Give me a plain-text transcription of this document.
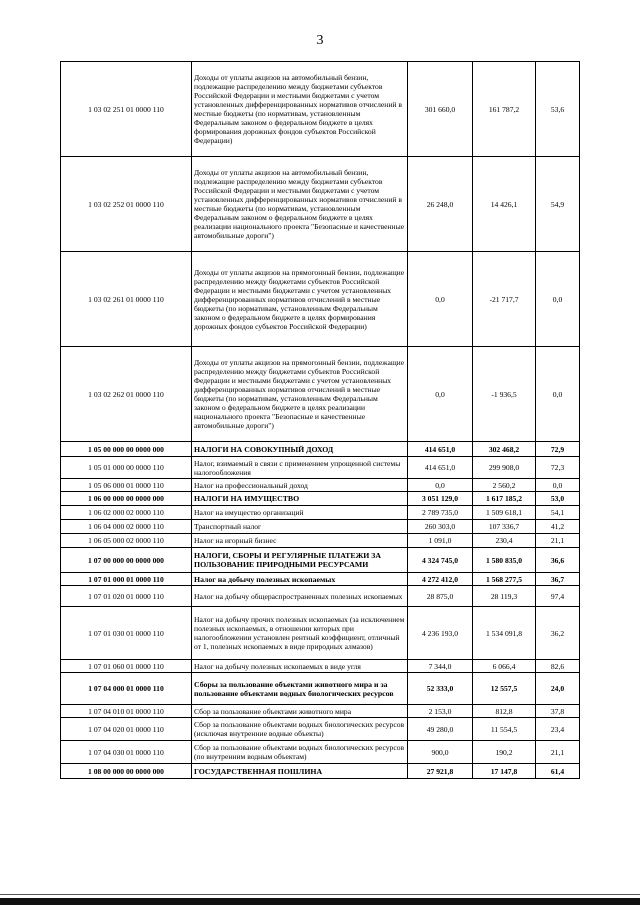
3
1 03 02 251 01 0000 110	Доходы от уплаты акцизов на автомобильный бензин, подлежащие распределению между бюджетами субъектов Российской Федерации и местными бюджетами с учетом установленных дифференцированных нормативов отчислений в местные бюджеты (по нормативам, установленным Федеральным законом о федеральном бюджете в целях формирования дорожных фондов субъектов Российской Федерации)	301 660,0	161 787,2	53,6
1 03 02 252 01 0000 110	Доходы от уплаты акцизов на автомобильный бензин, подлежащие распределению между бюджетами субъектов Российской Федерации и местными бюджетами с учетом установленных дифференцированных нормативов отчислений в местные бюджеты (по нормативам, установленным Федеральным законом о федеральном бюджете в целях реализации национального проекта "Безопасные и качественные автомобильные дороги")	26 248,0	14 426,1	54,9
1 03 02 261 01 0000 110	Доходы от уплаты акцизов на прямогонный бензин, подлежащие распределению между бюджетами субъектов Российской Федерации и местными бюджетами с учетом установленных дифференцированных нормативов отчислений в местные бюджеты (по нормативам, установленным Федеральным законом о федеральном бюджете в целях формирования дорожных фондов субъектов Российской Федерации)	0,0	-21 717,7	0,0
1 03 02 262 01 0000 110	Доходы от уплаты акцизов на прямогонный бензин, подлежащие распределению между бюджетами субъектов Российской Федерации и местными бюджетами с учетом установленных дифференцированных нормативов отчислений в местные бюджеты (по нормативам, установленным Федеральным законом о федеральном бюджете в целях реализации национального проекта "Безопасные и качественные автомобильные дороги")	0,0	-1 936,5	0,0
1 05 00 000 00 0000 000	НАЛОГИ НА СОВОКУПНЫЙ ДОХОД	414 651,0	302 468,2	72,9
1 05 01 000 00 0000 110	Налог, взимаемый в связи с применением упрощенной системы налогообложения	414 651,0	299 908,0	72,3
1 05 06 000 01 0000 110	Налог на профессиональный доход	0,0	2 560,2	0,0
1 06 00 000 00 0000 000	НАЛОГИ НА ИМУЩЕСТВО	3 051 129,0	1 617 185,2	53,0
1 06 02 000 02 0000 110	Налог на имущество организаций	2 789 735,0	1 509 618,1	54,1
1 06 04 000 02 0000 110	Транспортный налог	260 303,0	107 336,7	41,2
1 06 05 000 02 0000 110	Налог на игорный бизнес	1 091,0	230,4	21,1
1 07 00 000 00 0000 000	НАЛОГИ, СБОРЫ И РЕГУЛЯРНЫЕ ПЛАТЕЖИ ЗА ПОЛЬЗОВАНИЕ ПРИРОДНЫМИ РЕСУРСАМИ	4 324 745,0	1 580 835,0	36,6
1 07 01 000 01 0000 110	Налог на добычу полезных ископаемых	4 272 412,0	1 568 277,5	36,7
1 07 01 020 01 0000 110	Налог на добычу общераспространенных полезных ископаемых	28 875,0	28 119,3	97,4
1 07 01 030 01 0000 110	Налог на добычу прочих полезных ископаемых (за исключением полезных ископаемых, в отношении которых при налогообложении установлен рентный коэффициент, отличный от 1, полезных ископаемых в виде природных алмазов)	4 236 193,0	1 534 091,8	36,2
1 07 01 060 01 0000 110	Налог на добычу полезных ископаемых в виде угля	7 344,0	6 066,4	82,6
1 07 04 000 01 0000 110	Сборы за пользование объектами животного мира и за пользование объектами водных биологических ресурсов	52 333,0	12 557,5	24,0
1 07 04 010 01 0000 110	Сбор за пользование объектами животного мира	2 153,0	812,8	37,8
1 07 04 020 01 0000 110	Сбор за пользование объектами водных биологических ресурсов (исключая внутренние водные объекты)	49 280,0	11 554,5	23,4
1 07 04 030 01 0000 110	Сбор за пользование объектами водных биологических ресурсов (по внутренним водным объектам)	900,0	190,2	21,1
1 08 00 000 00 0000 000	ГОСУДАРСТВЕННАЯ ПОШЛИНА	27 921,8	17 147,8	61,4
